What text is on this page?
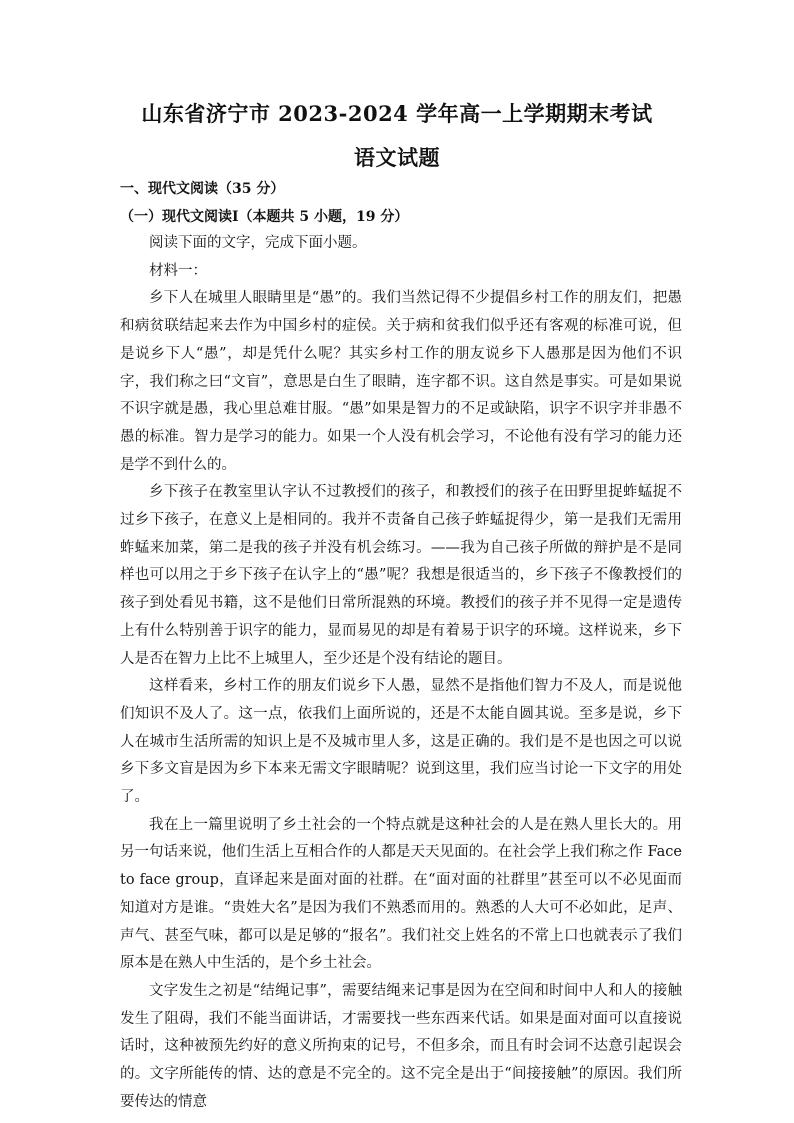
山东省济宁市 2023-2024 学年高一上学期期末考试
语文试题
一、现代文阅读（35 分）
（一）现代文阅读Ⅰ（本题共 5 小题，19 分）

阅读下面的文字，完成下面小题。

材料一：

乡下人在城里人眼睛里是“愚”的。我们当然记得不少提倡乡村工作的朋友们，把愚和病贫联结起来去作为中国乡村的症侯。关于病和贫我们似乎还有客观的标准可说，但是说乡下人“愚”，却是凭什么呢？其实乡村工作的朋友说乡下人愚那是因为他们不识字，我们称之曰“文盲”，意思是白生了眼睛，连字都不识。这自然是事实。可是如果说不识字就是愚，我心里总难甘服。“愚”如果是智力的不足或缺陷，识字不识字并非愚不愚的标准。智力是学习的能力。如果一个人没有机会学习，不论他有没有学习的能力还是学不到什么的。

乡下孩子在教室里认字认不过教授们的孩子，和教授们的孩子在田野里捉蚱蜢捉不过乡下孩子，在意义上是相同的。我并不责备自己孩子蚱蜢捉得少，第一是我们无需用蚱蜢来加菜，第二是我的孩子并没有机会练习。——我为自己孩子所做的辩护是不是同样也可以用之于乡下孩子在认字上的“愚”呢？我想是很适当的，乡下孩子不像教授们的孩子到处看见书籍，这不是他们日常所混熟的环境。教授们的孩子并不见得一定是遗传上有什么特别善于识字的能力，显而易见的却是有着易于识字的环境。这样说来，乡下人是否在智力上比不上城里人，至少还是个没有结论的题目。

这样看来，乡村工作的朋友们说乡下人愚，显然不是指他们智力不及人，而是说他们知识不及人了。这一点，依我们上面所说的，还是不太能自圆其说。至多是说，乡下人在城市生活所需的知识上是不及城市里人多，这是正确的。我们是不是也因之可以说乡下多文盲是因为乡下本来无需文字眼睛呢？说到这里，我们应当讨论一下文字的用处了。

我在上一篇里说明了乡土社会的一个特点就是这种社会的人是在熟人里长大的。用另一句话来说，他们生活上互相合作的人都是天天见面的。在社会学上我们称之作 Face to face group，直译起来是面对面的社群。在“面对面的社群里”甚至可以不必见面而知道对方是谁。“贵姓大名”是因为我们不熟悉而用的。熟悉的人大可不必如此，足声、声气、甚至气味，都可以是足够的“报名”。我们社交上姓名的不常上口也就表示了我们原本是在熟人中生活的，是个乡土社会。

文字发生之初是“结绳记事”，需要结绳来记事是因为在空间和时间中人和人的接触发生了阻碍，我们不能当面讲话，才需要找一些东西来代话。如果是面对面可以直接说话时，这种被预先约好的意义所拘束的记号，不但多余，而且有时会词不达意引起误会的。文字所能传的情、达的意是不完全的。这不完全是出于“间接接触”的原因。我们所要传达的情意
